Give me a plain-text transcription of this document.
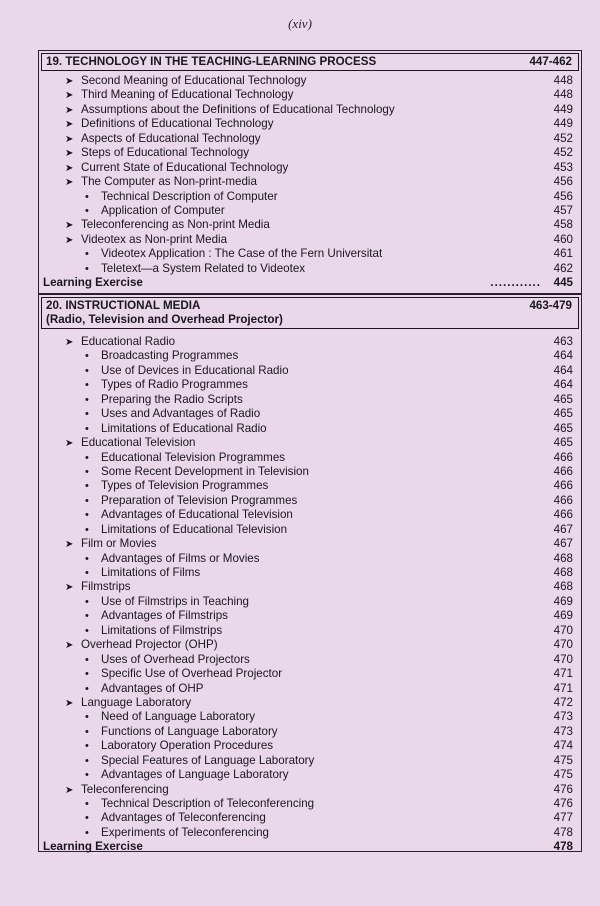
(xiv)
19. TECHNOLOGY IN THE TEACHING-LEARNING PROCESS	447-462
➤ Second Meaning of Educational Technology	448
➤ Third Meaning of Educational Technology	448
➤ Assumptions about the Definitions of Educational Technology	449
➤ Definitions of Educational Technology	449
➤ Aspects of Educational Technology	452
➤ Steps of Educational Technology	452
➤ Current State of Educational Technology	453
➤ The Computer as Non-print-media	456
• Technical Description of Computer	456
• Application of Computer	457
➤ Teleconferencing as Non-print Media	458
➤ Videotex as Non-print Media	460
• Videotex Application : The Case of the Fern Universitat	461
• Teletext—a System Related to Videotex	462
Learning Exercise	............ 445
20. INSTRUCTIONAL MEDIA	463-479

(Radio, Television and Overhead Projector)
➤ Educational Radio	463
• Broadcasting Programmes	464
• Use of Devices in Educational Radio	464
• Types of Radio Programmes	464
• Preparing the Radio Scripts	465
• Uses and Advantages of Radio	465
• Limitations of Educational Radio	465
➤ Educational Television	465
• Educational Television Programmes	466
• Some Recent Development in Television	466
• Types of Television Programmes	466
• Preparation of Television Programmes	466
• Advantages of Educational Television	466
• Limitations of Educational Television	467
➤ Film or Movies	467
• Advantages of Films or Movies	468
• Limitations of Films	468
➤ Filmstrips	468
• Use of Filmstrips in Teaching	469
• Advantages of Filmstrips	469
• Limitations of Filmstrips	470
➤ Overhead Projector (OHP)	470
• Uses of Overhead Projectors	470
• Specific Use of Overhead Projector	471
• Advantages of OHP	471
➤ Language Laboratory	472
• Need of Language Laboratory	473
• Functions of Language Laboratory	473
• Laboratory Operation Procedures	474
• Special Features of Language Laboratory	475
• Advantages of Language Laboratory	475
➤ Teleconferencing	476
• Technical Description of Teleconferencing	476
• Advantages of Teleconferencing	477
• Experiments of Teleconferencing	478
Learning Exercise	478
